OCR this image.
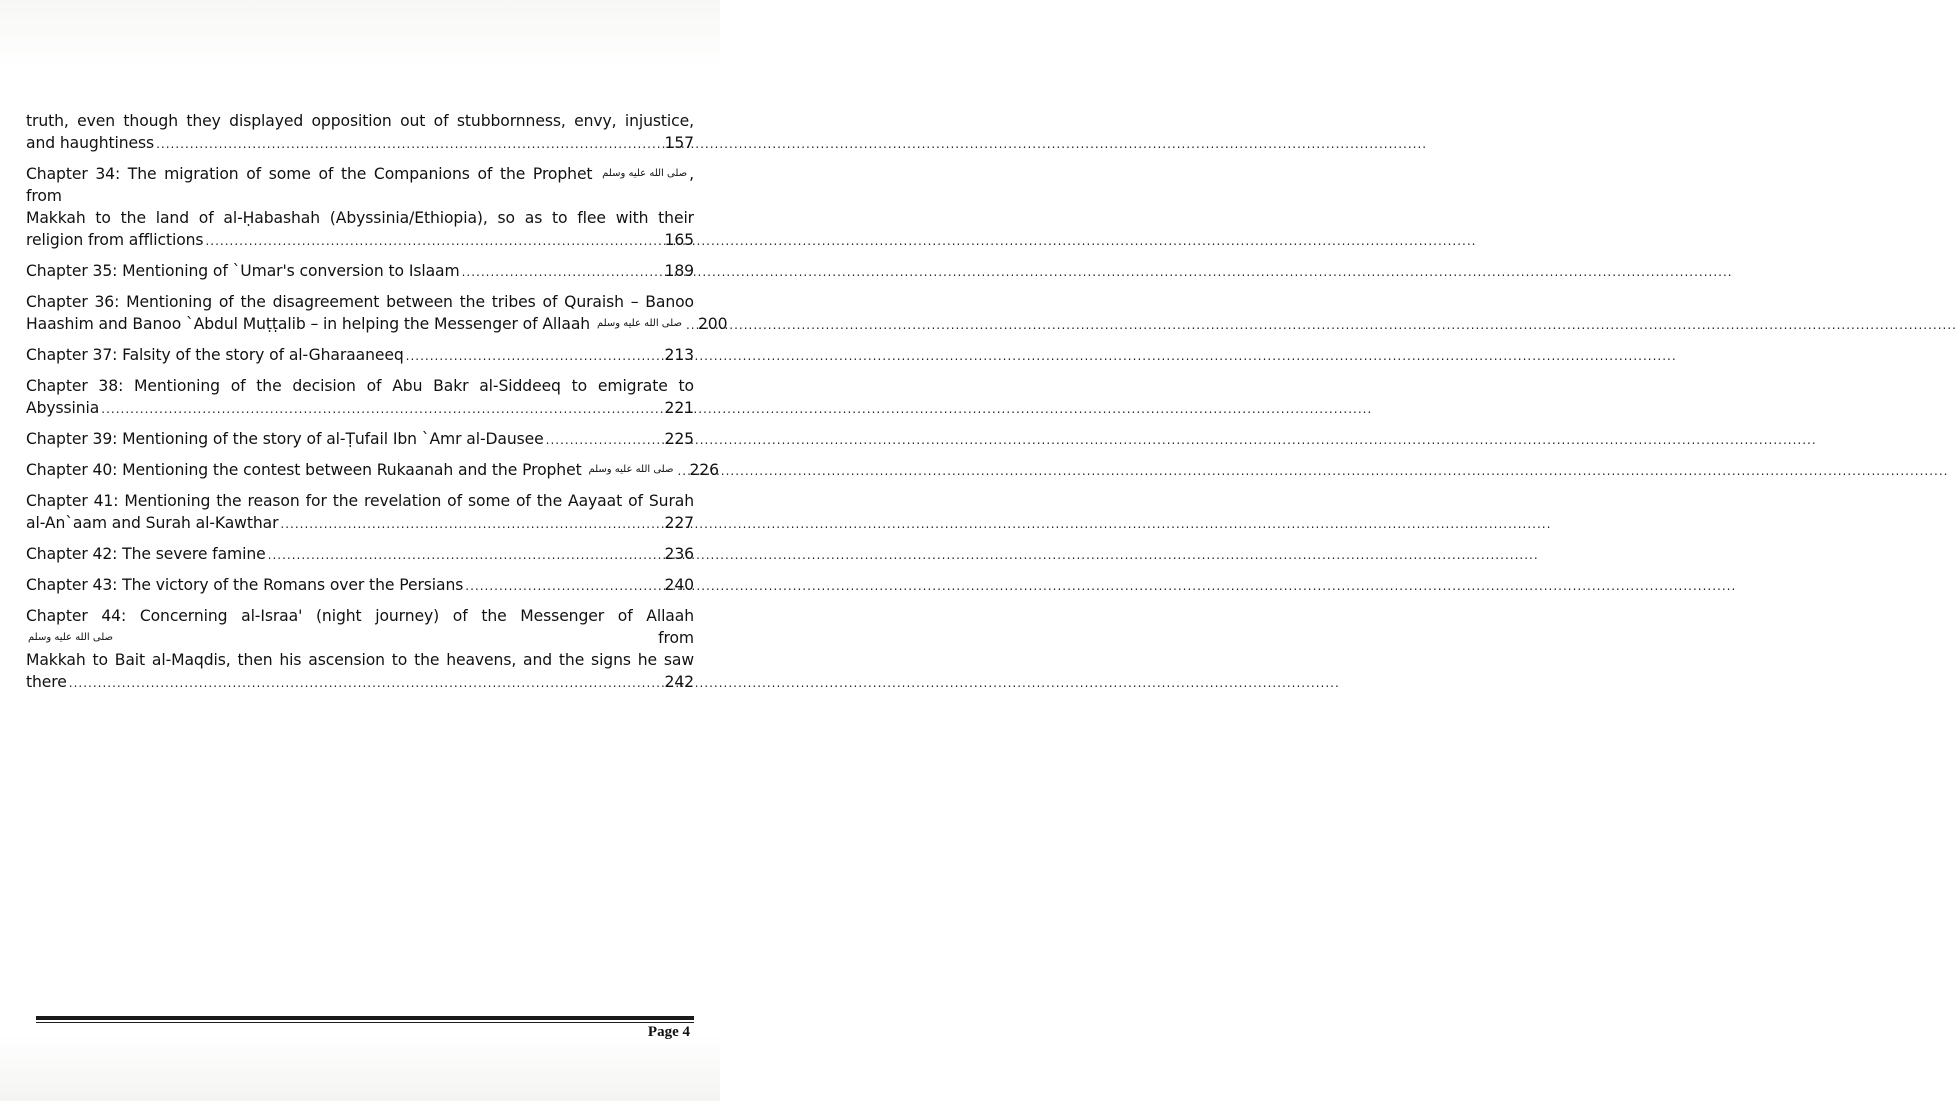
truth, even though they displayed opposition out of stubbornness, envy, injustice,
and haughtiness .....	157
Chapter 34: The migration of some of the Companions of the Prophet صلى الله عليه وسلم , from
Makkah to the land of al-Ḥabashah (Abyssinia/Ethiopia), so as to flee with their
religion from afflictions .....	165
Chapter 35: Mentioning of `Umar's conversion to Islaam .....	189
Chapter 36: Mentioning of the disagreement between the tribes of Quraish – Banoo
Haashim and Banoo `Abdul Muṭṭalib – in helping the Messenger of Allaah صلى الله عليه وسلم ..... 200
Chapter 37: Falsity of the story of al-Gharaaneeq .....	213
Chapter 38: Mentioning of the decision of Abu Bakr al-Siddeeq to emigrate to
Abyssinia .....	221
Chapter 39: Mentioning of the story of al-Ṭufail Ibn `Amr al-Dausee .....	225
Chapter 40: Mentioning the contest between Rukaanah and the Prophet صلى الله عليه وسلم ..... 226
Chapter 41: Mentioning the reason for the revelation of some of the Aayaat of Surah
al-An`aam and Surah al-Kawthar .....	227
Chapter 42: The severe famine .....	236
Chapter 43: The victory of the Romans over the Persians .....	240
Chapter 44: Concerning al-Israa' (night journey) of the Messenger of Allaah صلى الله عليه وسلم from
Makkah to Bait al-Maqdis, then his ascension to the heavens, and the signs he saw
there .....	242
Page 4
